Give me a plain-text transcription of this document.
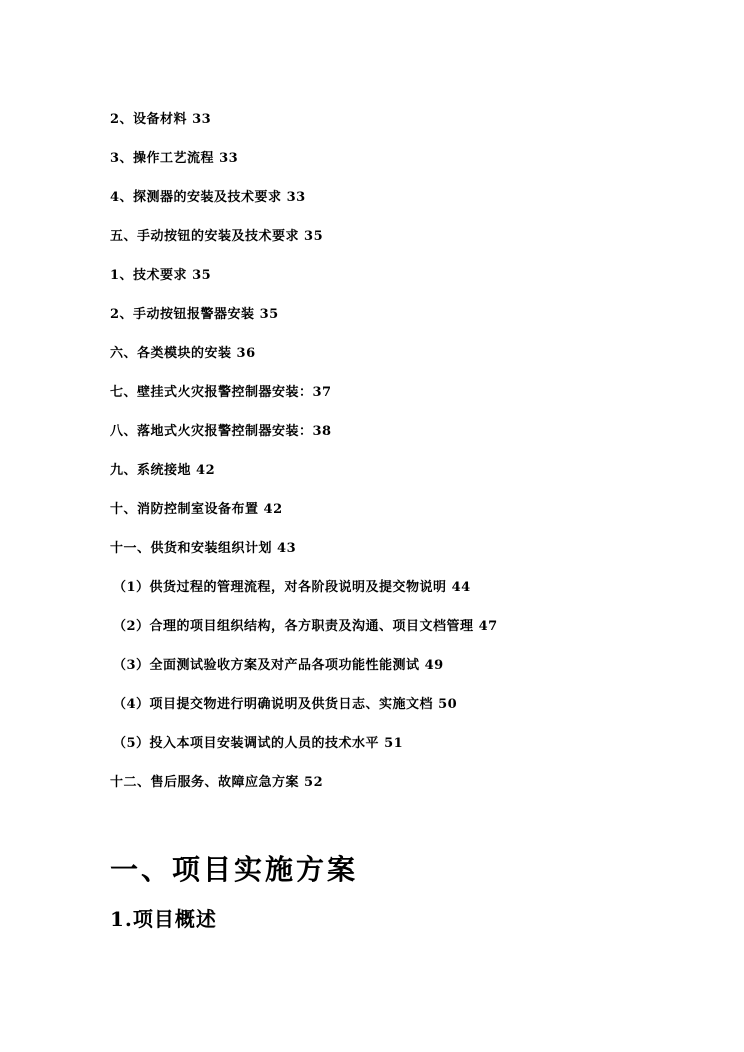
2、设备材料 33
3、操作工艺流程 33
4、探测器的安装及技术要求 33
五、手动按钮的安装及技术要求 35
1、技术要求 35
2、手动按钮报警器安装 35
六、各类模块的安装 36
七、壁挂式火灾报警控制器安装：37
八、落地式火灾报警控制器安装：38
九、系统接地 42
十、消防控制室设备布置 42
十一、供货和安装组织计划 43
（1）供货过程的管理流程，对各阶段说明及提交物说明 44
（2）合理的项目组织结构，各方职责及沟通、项目文档管理 47
（3）全面测试验收方案及对产品各项功能性能测试 49
（4）项目提交物进行明确说明及供货日志、实施文档 50
（5）投入本项目安装调试的人员的技术水平 51
十二、售后服务、故障应急方案 52
一、项目实施方案
1.项目概述
